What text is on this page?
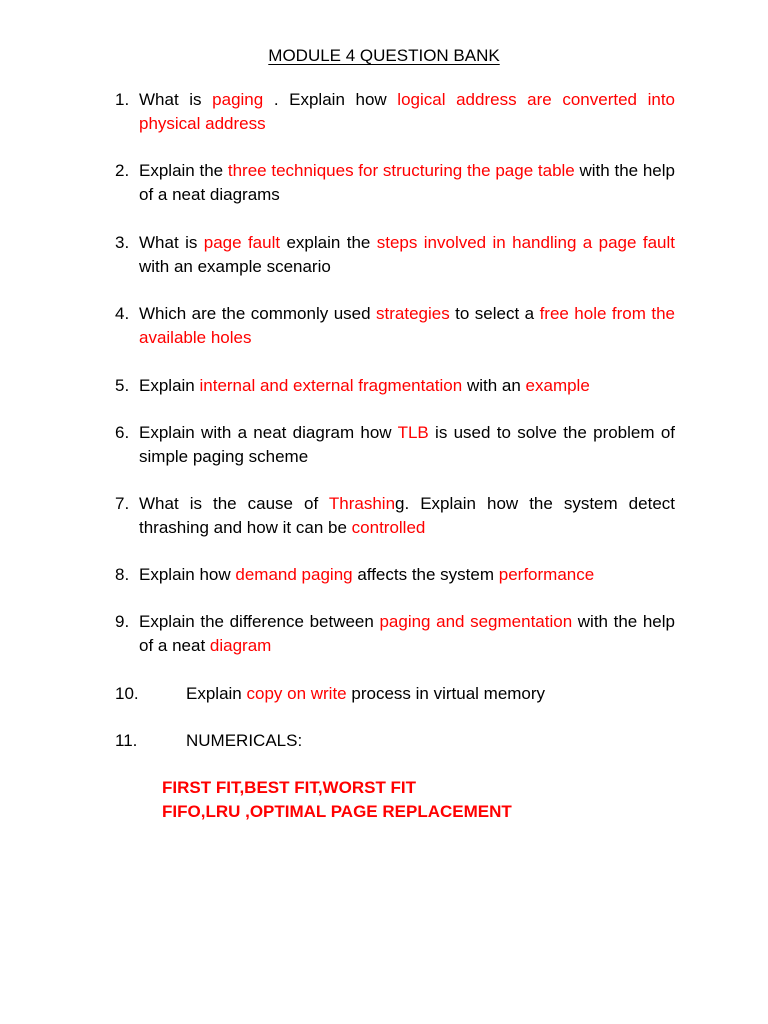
MODULE 4 QUESTION BANK
1. What is paging . Explain how logical address are converted into physical address
2. Explain the three techniques for structuring the page table with the help of a neat diagrams
3. What is page fault explain the steps involved in handling a page fault with an example scenario
4. Which are the commonly used strategies to select a free hole from the available holes
5. Explain internal and external fragmentation with an example
6. Explain with a neat diagram how TLB is used to solve the problem of simple paging scheme
7. What is the cause of Thrashing. Explain how the system detect thrashing and how it can be controlled
8. Explain how demand paging affects the system performance
9. Explain the difference between paging and segmentation with the help of a neat diagram
10.	Explain copy on write process in virtual memory
11.	NUMERICALS:
FIRST FIT,BEST FIT,WORST FIT
FIFO,LRU ,OPTIMAL PAGE REPLACEMENT
